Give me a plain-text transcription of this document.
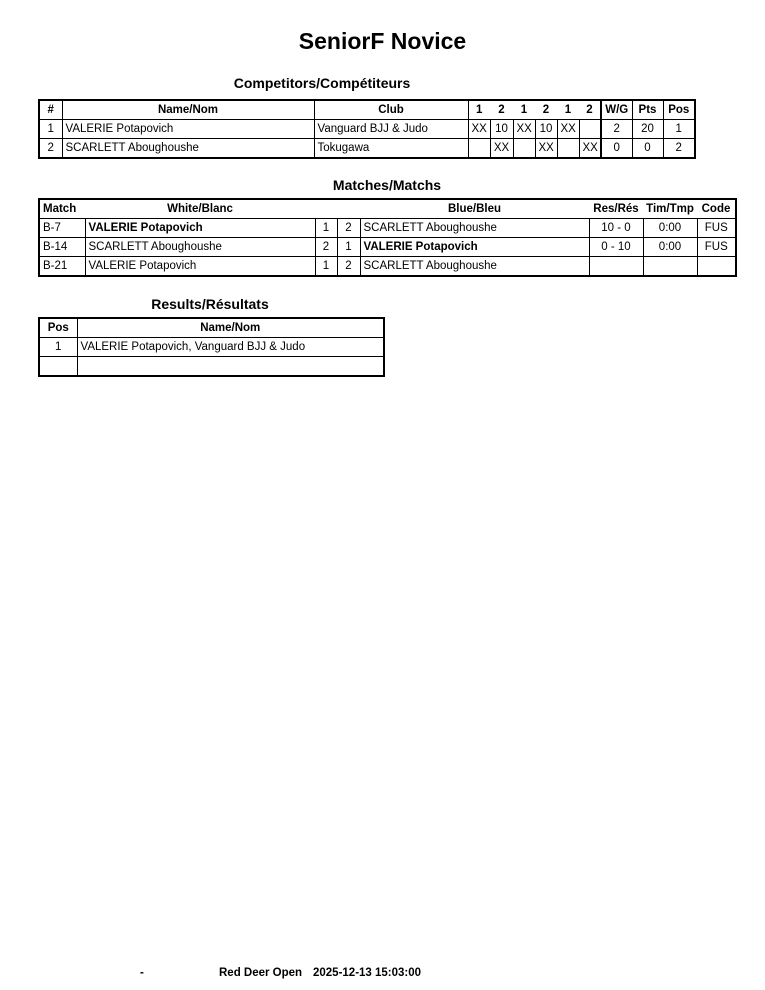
SeniorF Novice
Competitors/Compétiteurs
#	Name/Nom	Club	1	2	1	2	1	2	W/G	Pts	Pos
1	VALERIE Potapovich	Vanguard BJJ & Judo	XX	10	XX	10	XX		2	20	1
2	SCARLETT Aboughoushe	Tokugawa		XX		XX		XX	0	0	2
Matches/Matchs
Match	White/Blanc			Blue/Bleu	Res/Rés	Tim/Tmp	Code
B-7	VALERIE Potapovich	1	2	SCARLETT Aboughoushe	10 - 0	0:00	FUS
B-14	SCARLETT Aboughoushe	2	1	VALERIE Potapovich	0 - 10	0:00	FUS
B-21	VALERIE Potapovich	1	2	SCARLETT Aboughoushe			
Results/Résultats
Pos	Name/Nom
1	VALERIE Potapovich, Vanguard BJJ & Judo

-	Red Deer Open 2025-12-13 15:03:00
